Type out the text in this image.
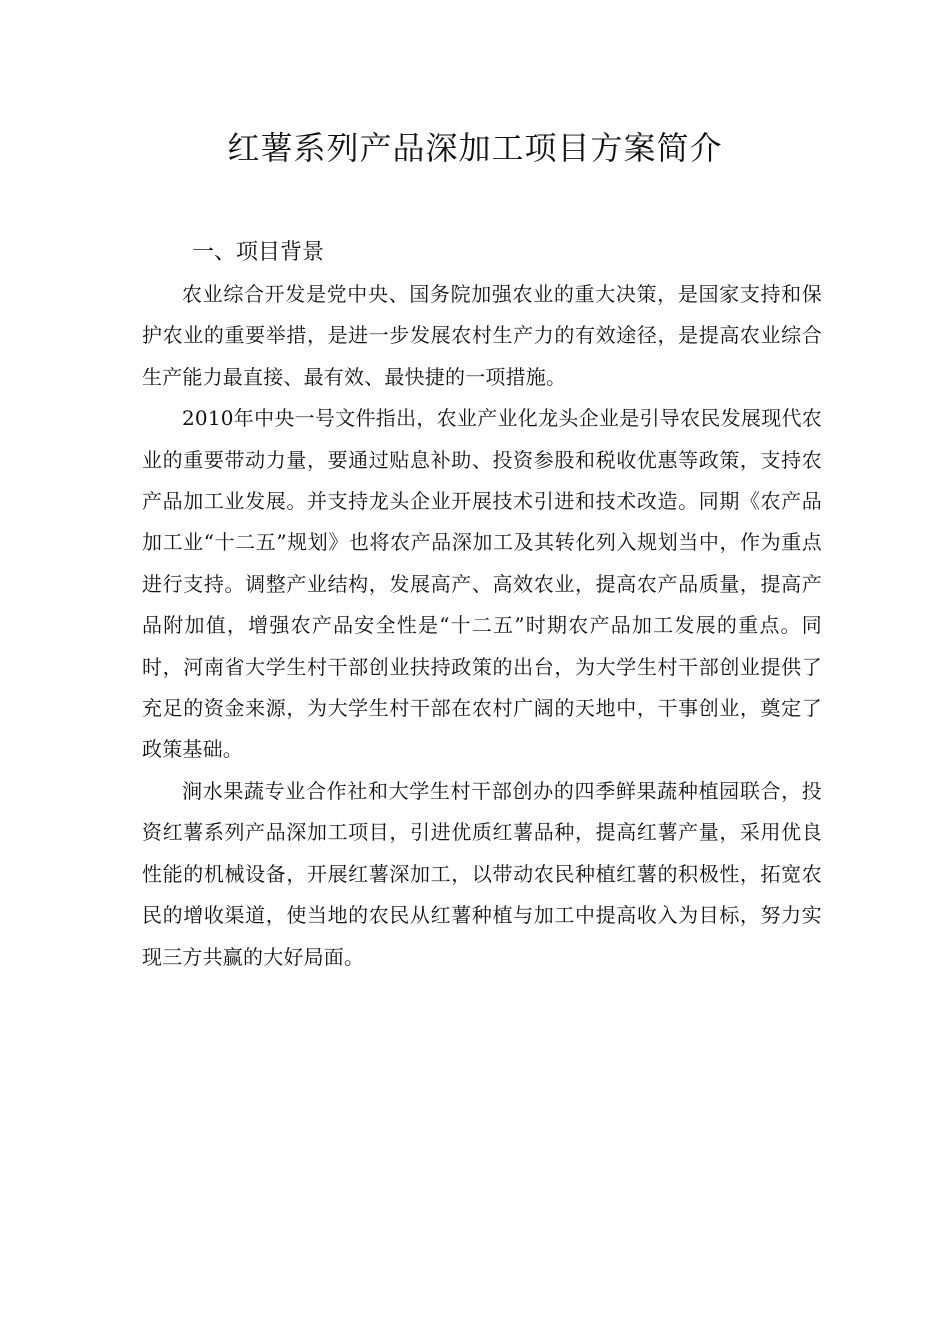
红薯系列产品深加工项目方案简介
一、项目背景

农业综合开发是党中央、国务院加强农业的重大决策，是国家支持和保护农业的重要举措，是进一步发展农村生产力的有效途径，是提高农业综合生产能力最直接、最有效、最快捷的一项措施。

2010年中央一号文件指出，农业产业化龙头企业是引导农民发展现代农业的重要带动力量，要通过贴息补助、投资参股和税收优惠等政策，支持农产品加工业发展。并支持龙头企业开展技术引进和技术改造。同期《农产品加工业“十二五”规划》也将农产品深加工及其转化列入规划当中，作为重点进行支持。调整产业结构，发展高产、高效农业，提高农产品质量，提高产品附加值，增强农产品安全性是“十二五”时期农产品加工发展的重点。同时，河南省大学生村干部创业扶持政策的出台，为大学生村干部创业提供了充足的资金来源，为大学生村干部在农村广阔的天地中，干事创业，奠定了政策基础。

涧水果蔬专业合作社和大学生村干部创办的四季鲜果蔬种植园联合，投资红薯系列产品深加工项目，引进优质红薯品种，提高红薯产量，采用优良性能的机械设备，开展红薯深加工，以带动农民种植红薯的积极性，拓宽农民的增收渠道，使当地的农民从红薯种植与加工中提高收入为目标，努力实现三方共赢的大好局面。
